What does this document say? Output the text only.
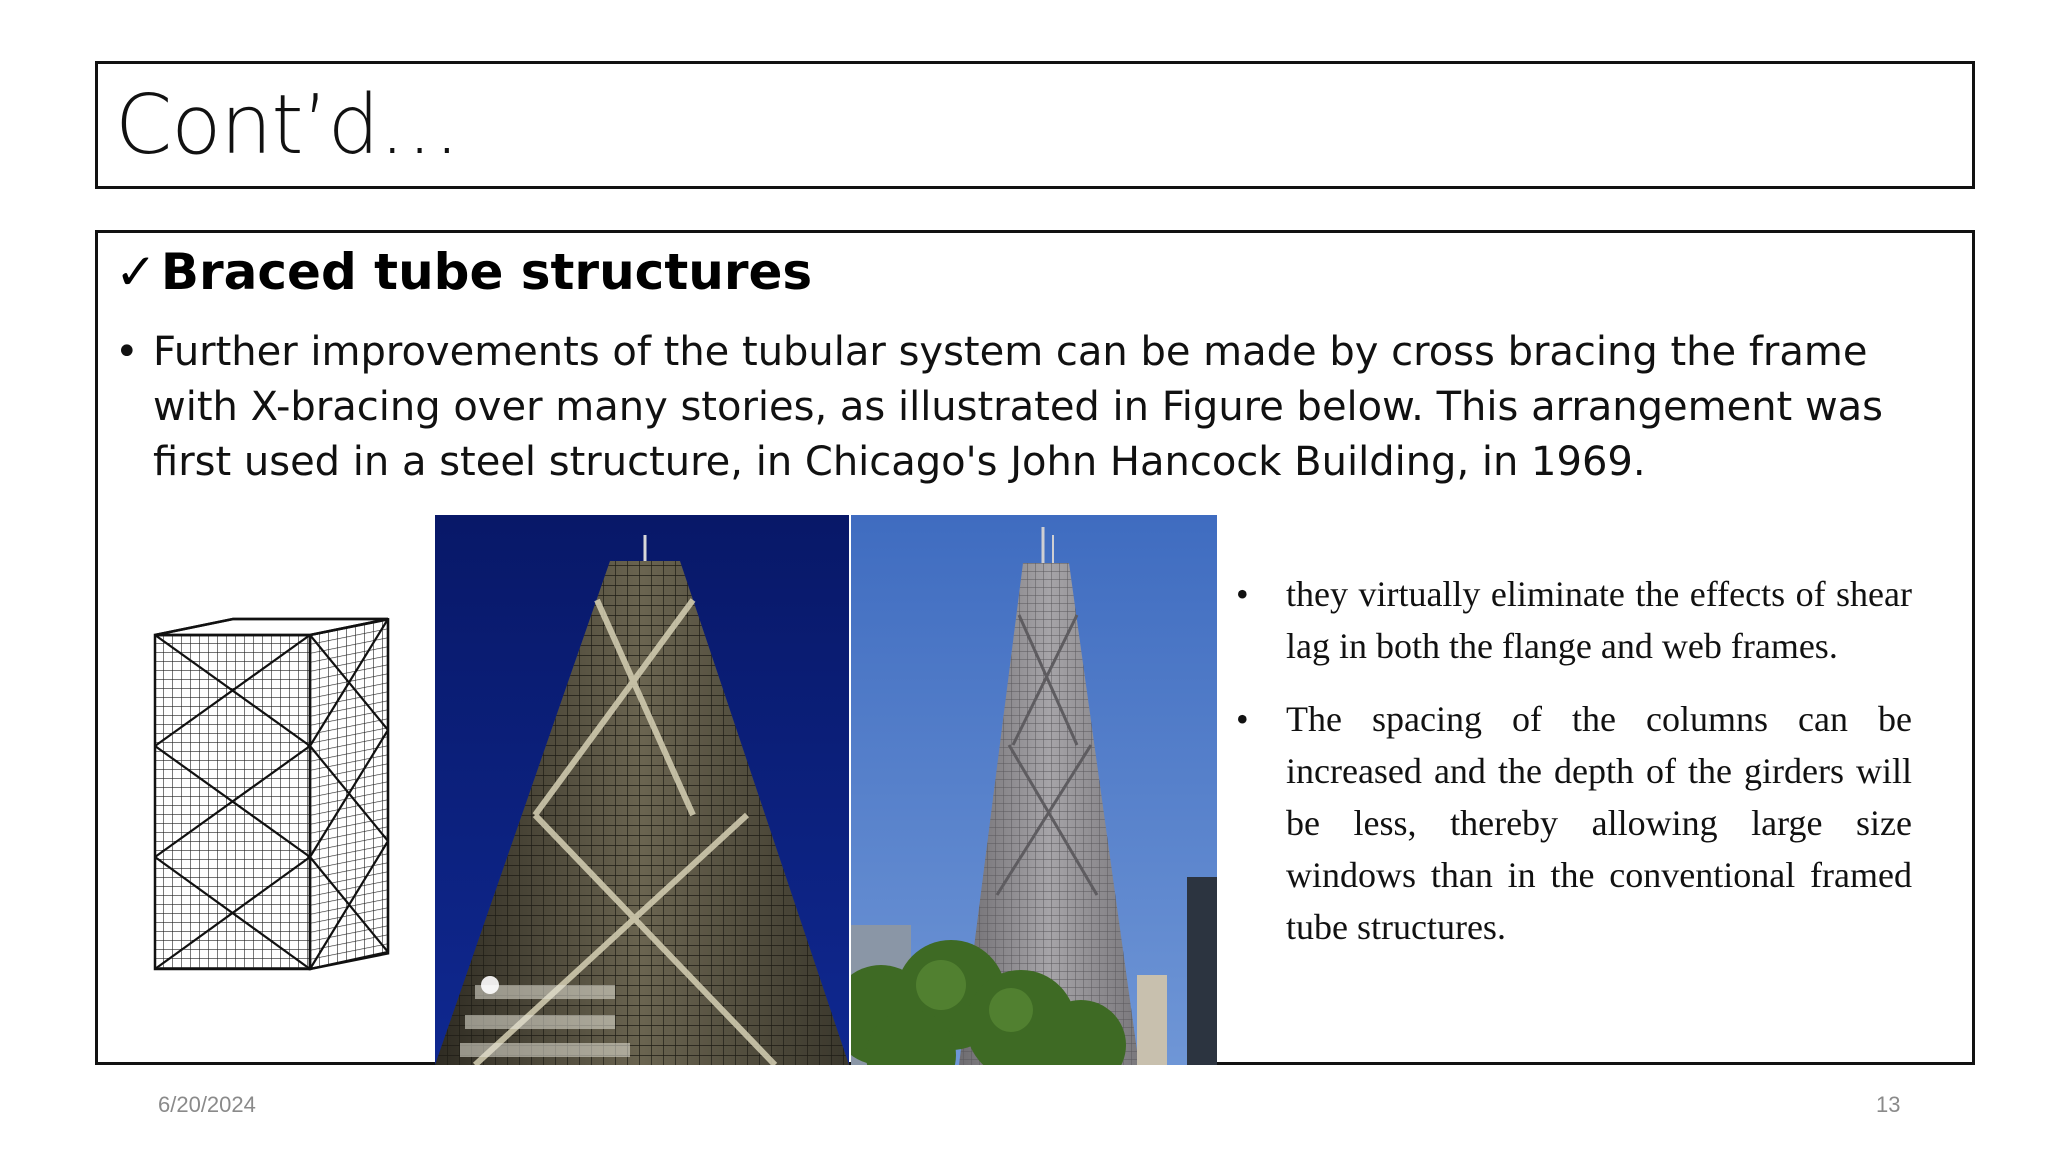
Cont’d…
✓Braced tube structures
• Further improvements of the tubular system can be made by cross bracing the frame with X-bracing over many stories, as illustrated in Figure below. This arrangement was first used in a steel structure, in Chicago's John Hancock Building, in 1969.
• they virtually eliminate the effects of shear lag in both the flange and web frames.
• The spacing of the columns can be increased and the depth of the girders will be less, thereby allowing large size windows than in the conventional framed tube structures.
6/20/2024	13
